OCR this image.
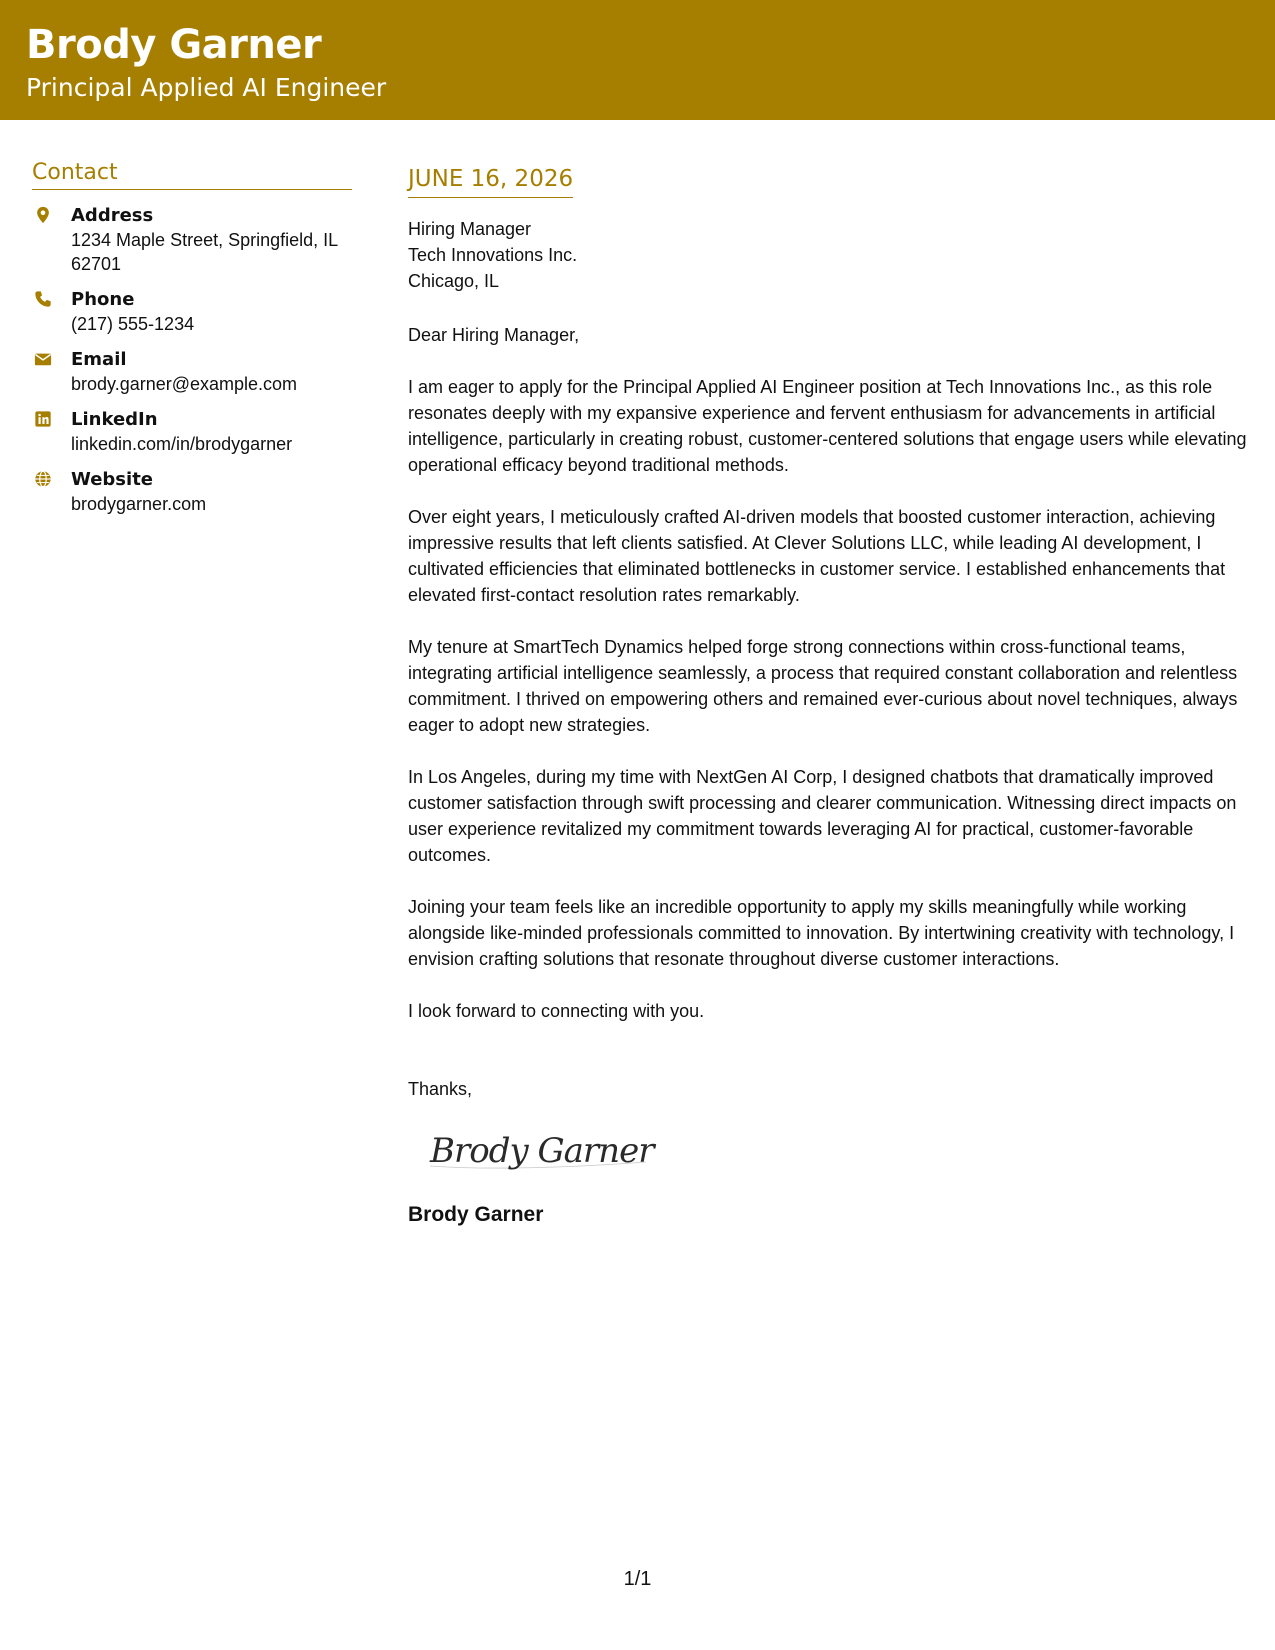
Brody Garner
Principal Applied AI Engineer
Contact
Address
1234 Maple Street, Springfield, IL 62701
Phone
(217) 555-1234
Email
brody.garner@example.com
LinkedIn
linkedin.com/in/brodygarner
Website
brodygarner.com
JUNE 16, 2026
Hiring Manager
Tech Innovations Inc.
Chicago, IL
Dear Hiring Manager,
I am eager to apply for the Principal Applied AI Engineer position at Tech Innovations Inc., as this role resonates deeply with my expansive experience and fervent enthusiasm for advancements in artificial intelligence, particularly in creating robust, customer-centered solutions that engage users while elevating operational efficacy beyond traditional methods.
Over eight years, I meticulously crafted AI-driven models that boosted customer interaction, achieving impressive results that left clients satisfied. At Clever Solutions LLC, while leading AI development, I cultivated efficiencies that eliminated bottlenecks in customer service. I established enhancements that elevated first-contact resolution rates remarkably.
My tenure at SmartTech Dynamics helped forge strong connections within cross-functional teams, integrating artificial intelligence seamlessly, a process that required constant collaboration and relentless commitment. I thrived on empowering others and remained ever-curious about novel techniques, always eager to adopt new strategies.
In Los Angeles, during my time with NextGen AI Corp, I designed chatbots that dramatically improved customer satisfaction through swift processing and clearer communication. Witnessing direct impacts on user experience revitalized my commitment towards leveraging AI for practical, customer-favorable outcomes.
Joining your team feels like an incredible opportunity to apply my skills meaningfully while working alongside like-minded professionals committed to innovation. By intertwining creativity with technology, I envision crafting solutions that resonate throughout diverse customer interactions.
I look forward to connecting with you.
Thanks,
Brody Garner
Brody Garner
1/1
